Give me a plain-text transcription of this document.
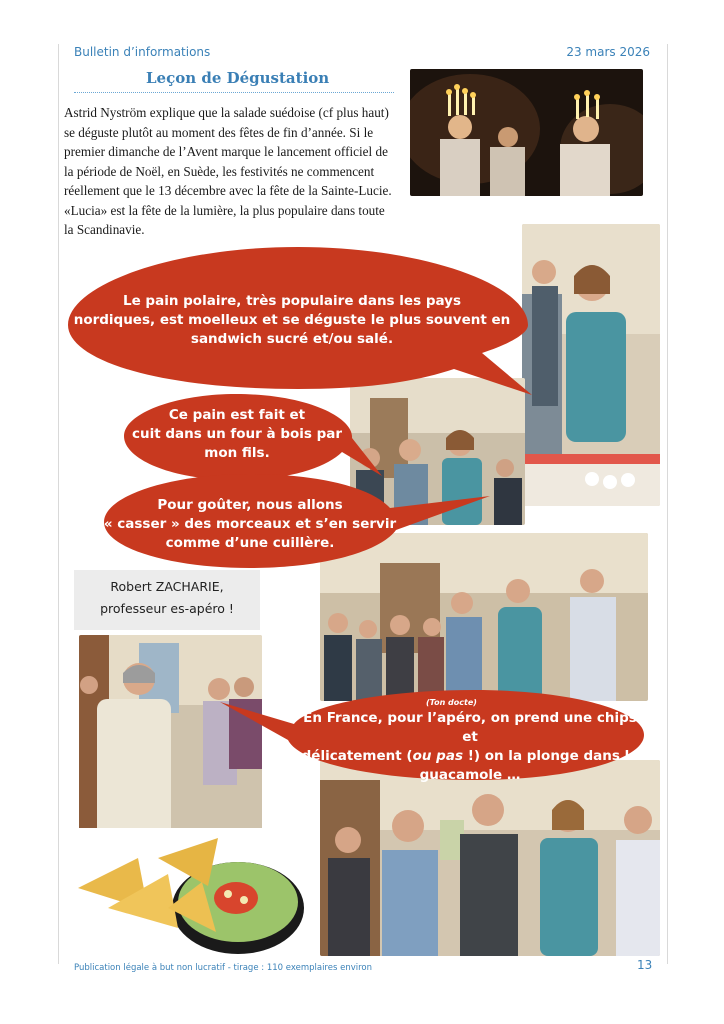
Bulletin d’informations	23 mars 2026
Leçon de Dégustation

Astrid Nyström explique que la salade suédoise (cf plus haut) se déguste plutôt au moment des fêtes de fin d’année. Si le premier dimanche de l’Avent marque le lancement officiel de la période de Noël, en Suède, les festivités ne commencent réellement que le 13 décembre avec la fête de la Sainte-Lucie. «Lucia» est la fête de la lumière, la plus populaire dans toute la Scandinavie.

Le pain polaire, très populaire dans les pays
nordiques, est moelleux et se déguste le plus souvent en
sandwich sucré et/ou salé.
Ce pain est fait et
cuit dans un four à bois par
mon fils.
Pour goûter, nous allons
« casser » des morceaux et s’en servir
comme d’une cuillère.
Robert ZACHARIE,
professeur es-apéro !
(Ton docte)
En France, pour l’apéro, on prend une chips et
délicatement (ou pas !) on la plonge dans le
guacamole …
Publication légale à but non lucratif - tirage : 110 exemplaires environ	13
